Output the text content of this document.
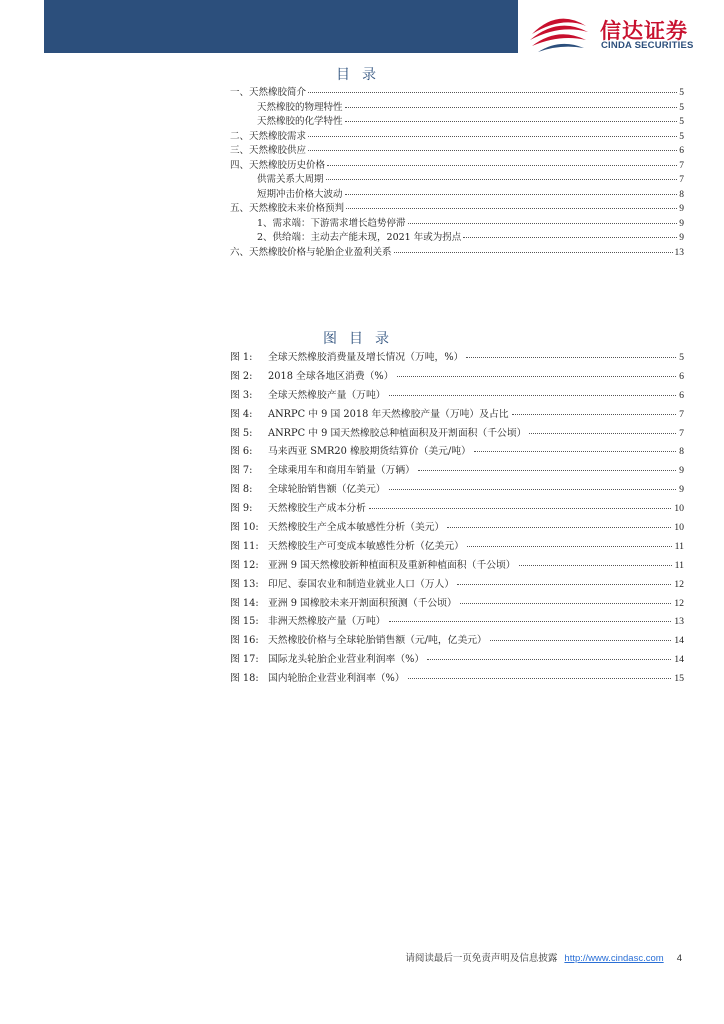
信达证券
CINDA SECURITIES
目录
一、天然橡胶简介	5
天然橡胶的物理特性	5
天然橡胶的化学特性	5
二、天然橡胶需求	5
三、天然橡胶供应	6
四、天然橡胶历史价格	7
供需关系大周期	7
短期冲击价格大波动	8
五、天然橡胶未来价格预判	9
1、需求端：下游需求增长趋势停滞	9
2、供给端：主动去产能未现，2021 年或为拐点	9
六、天然橡胶价格与轮胎企业盈利关系	13
图目录
图 1:	全球天然橡胶消费量及增长情况（万吨，%）	5
图 2:	2018 全球各地区消费（%）	6
图 3:	全球天然橡胶产量（万吨）	6
图 4:	ANRPC 中 9 国 2018 年天然橡胶产量（万吨）及占比	7
图 5:	ANRPC 中 9 国天然橡胶总种植面积及开割面积（千公顷）	7
图 6:	马来西亚 SMR20 橡胶期货结算价（美元/吨）	8
图 7:	全球乘用车和商用车销量（万辆）	9
图 8:	全球轮胎销售额（亿美元）	9
图 9:	天然橡胶生产成本分析	10
图 10: 天然橡胶生产全成本敏感性分析（美元）	10
图 11: 天然橡胶生产可变成本敏感性分析（亿美元）	11
图 12: 亚洲 9 国天然橡胶新种植面积及重新种植面积（千公顷）	11
图 13: 印尼、泰国农业和制造业就业人口（万人）	12
图 14: 亚洲 9 国橡胶未来开割面积预测（千公顷）	12
图 15: 非洲天然橡胶产量（万吨）	13
图 16: 天然橡胶价格与全球轮胎销售额（元/吨，亿美元）	14
图 17: 国际龙头轮胎企业营业利润率（%）	14
图 18: 国内轮胎企业营业利润率（%）	15
请阅读最后一页免责声明及信息披露 http://www.cindasc.com 4
